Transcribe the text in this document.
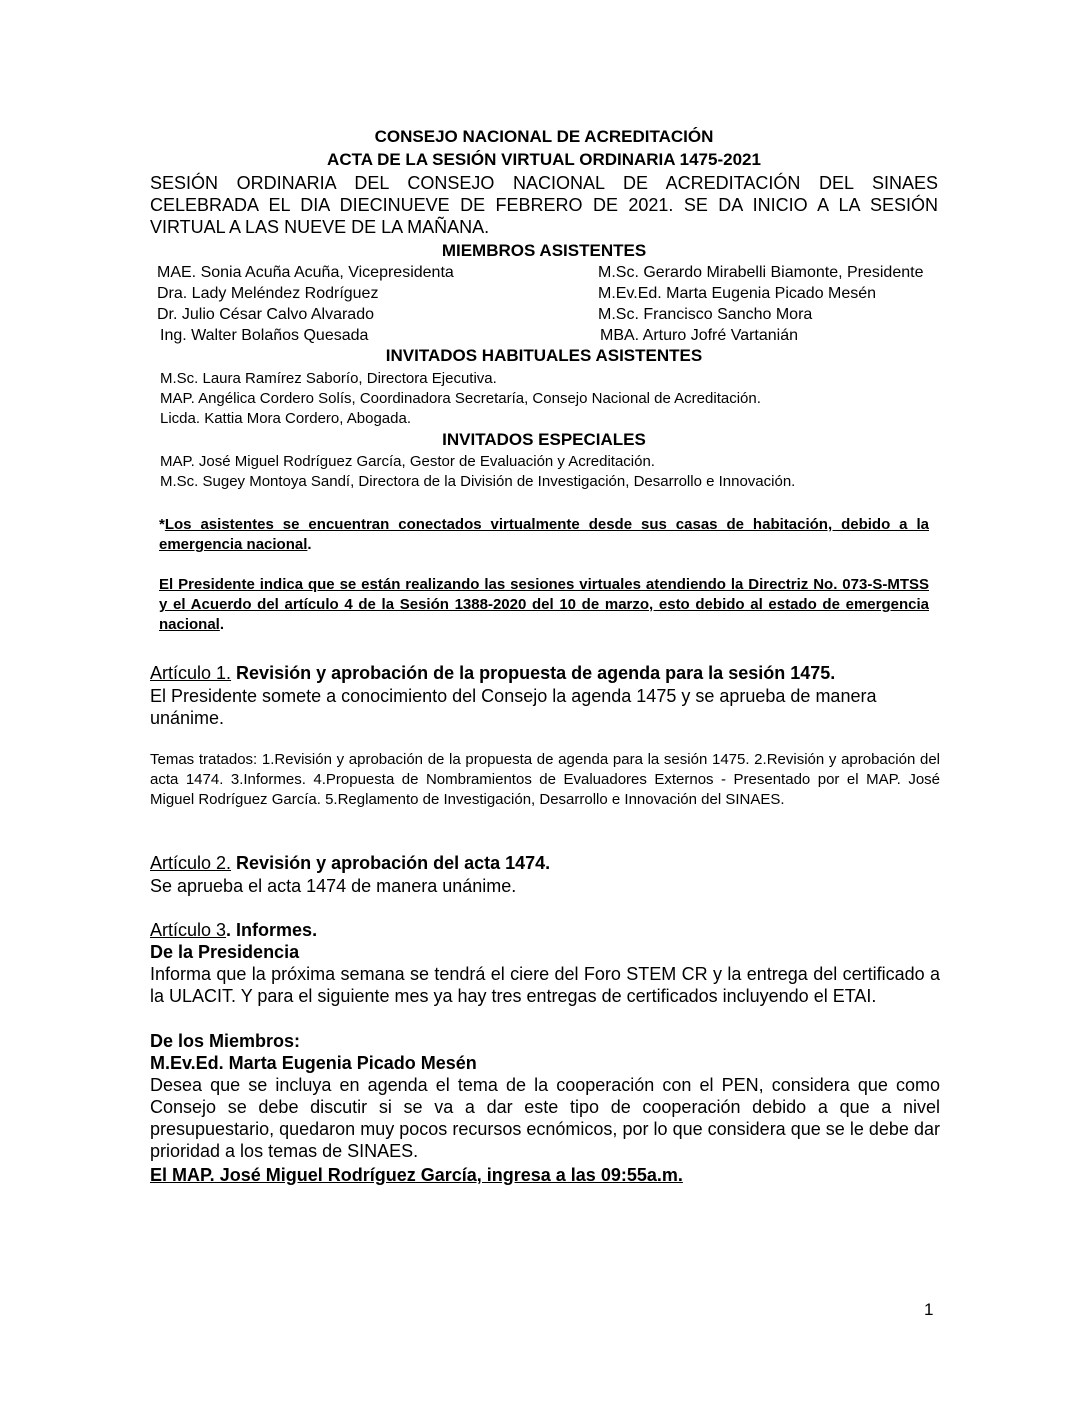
CONSEJO NACIONAL DE ACREDITACIÓN
ACTA DE LA SESIÓN VIRTUAL ORDINARIA 1475-2021
SESIÓN ORDINARIA DEL CONSEJO NACIONAL DE ACREDITACIÓN DEL SINAES CELEBRADA EL DIA DIECINUEVE DE FEBRERO DE 2021. SE DA INICIO A LA SESIÓN VIRTUAL A LAS NUEVE DE LA MAÑANA.
MIEMBROS ASISTENTES
MAE. Sonia Acuña Acuña, Vicepresidenta
Dra. Lady Meléndez Rodríguez
Dr. Julio César Calvo Alvarado
Ing. Walter Bolaños Quesada
M.Sc. Gerardo Mirabelli Biamonte, Presidente
M.Ev.Ed. Marta Eugenia Picado Mesén
M.Sc. Francisco Sancho Mora
MBA. Arturo Jofré Vartanián
INVITADOS HABITUALES ASISTENTES
M.Sc. Laura Ramírez Saborío, Directora Ejecutiva.
MAP. Angélica Cordero Solís, Coordinadora Secretaría, Consejo Nacional de Acreditación.
Licda. Kattia Mora Cordero, Abogada.
INVITADOS ESPECIALES
MAP. José Miguel Rodríguez García, Gestor de Evaluación y Acreditación.
M.Sc. Sugey Montoya Sandí, Directora de la División de Investigación, Desarrollo e Innovación.
*Los asistentes se encuentran conectados virtualmente desde sus casas de habitación, debido a la emergencia nacional.
El Presidente indica que se están realizando las sesiones virtuales atendiendo la Directriz No. 073-S-MTSS y el Acuerdo del artículo 4 de la Sesión 1388-2020 del 10 de marzo, esto debido al estado de emergencia nacional.
Artículo 1. Revisión y aprobación de la propuesta de agenda para la sesión 1475.
El Presidente somete a conocimiento del Consejo la agenda 1475 y se aprueba de manera unánime.
Temas tratados: 1.Revisión y aprobación de la propuesta de agenda para la sesión 1475. 2.Revisión y aprobación del acta 1474. 3.Informes. 4.Propuesta de Nombramientos de Evaluadores Externos - Presentado por el MAP. José Miguel Rodríguez García. 5.Reglamento de Investigación, Desarrollo e Innovación del SINAES.
Artículo 2. Revisión y aprobación del acta 1474.
Se aprueba el acta 1474 de manera unánime.
Artículo 3. Informes.
De la Presidencia
Informa que la próxima semana se tendrá el ciere del Foro STEM CR y la entrega del certificado a la ULACIT. Y para el siguiente mes ya hay tres entregas de certificados incluyendo el ETAI.
De los Miembros:
M.Ev.Ed. Marta Eugenia Picado Mesén
Desea que se incluya en agenda el tema de la cooperación con el PEN, considera que como Consejo se debe discutir si se va a dar este tipo de cooperación debido a que a nivel presupuestario, quedaron muy pocos recursos ecnómicos, por lo que considera que se le debe dar prioridad a los temas de SINAES.
El MAP. José Miguel Rodríguez García, ingresa a las 09:55a.m.
1
